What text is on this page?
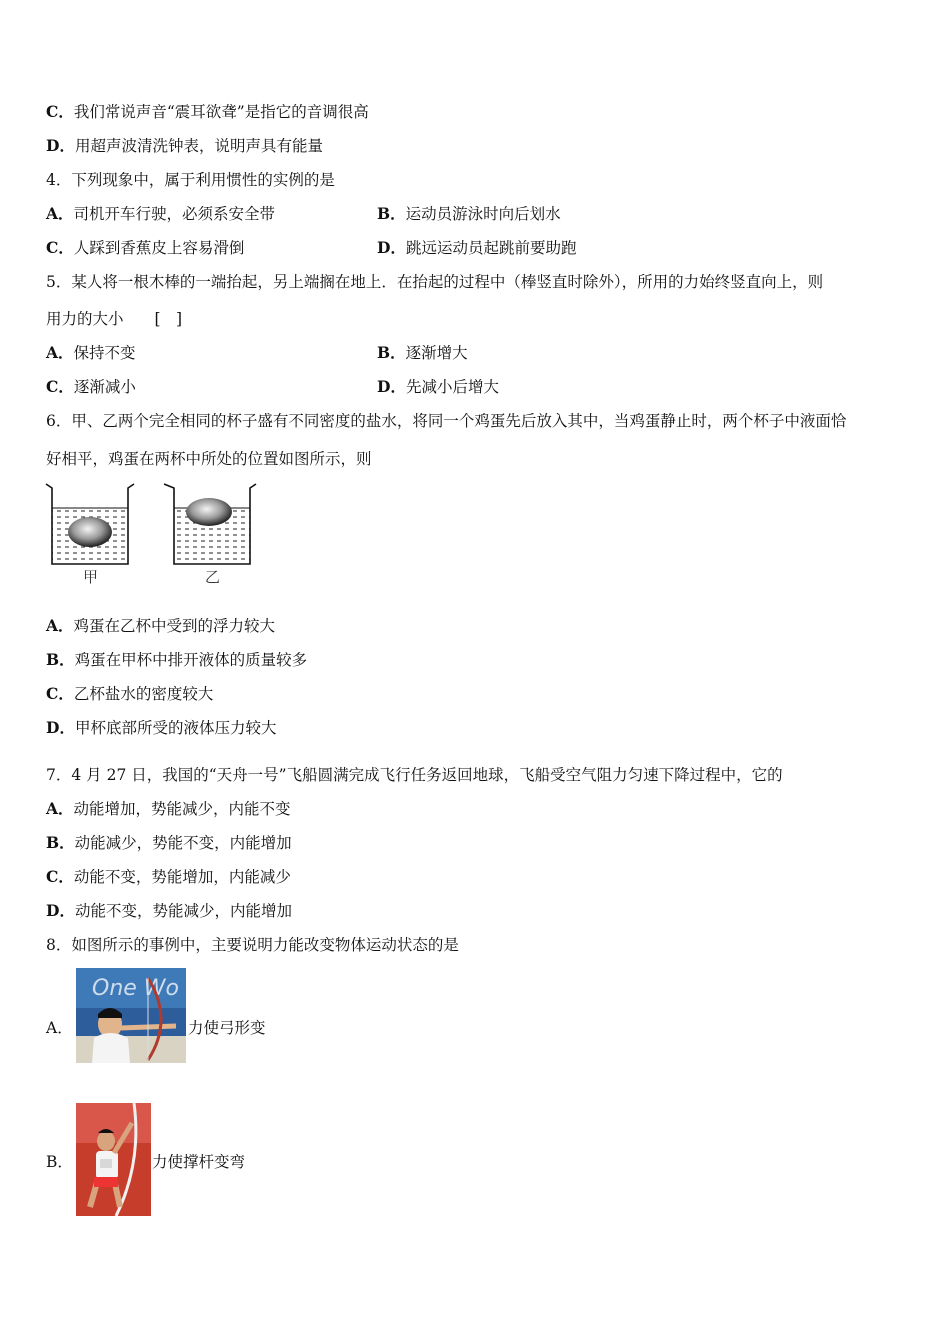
C．我们常说声音“震耳欲聋”是指它的音调很高
D．用超声波清洗钟表，说明声具有能量
4．下列现象中，属于利用惯性的实例的是
A．司机开车行驶，必须系安全带	B．运动员游泳时向后划水
C．人踩到香蕉皮上容易滑倒	D．跳远运动员起跳前要助跑
5．某人将一根木棒的一端抬起，另上端搁在地上．在抬起的过程中（棒竖直时除外），所用的力始终竖直向上，则
用力的大小　　[　]
A．保持不变	B．逐渐增大
C．逐渐减小	D．先减小后增大
6．甲、乙两个完全相同的杯子盛有不同密度的盐水，将同一个鸡蛋先后放入其中，当鸡蛋静止时，两个杯子中液面恰
好相平，鸡蛋在两杯中所处的位置如图所示，则
甲	乙
A．鸡蛋在乙杯中受到的浮力较大
B．鸡蛋在甲杯中排开液体的质量较多
C．乙杯盐水的密度较大
D．甲杯底部所受的液体压力较大
7．4 月 27 日，我国的“天舟一号”飞船圆满完成飞行任务返回地球，飞船受空气阻力匀速下降过程中，它的
A．动能增加，势能减少，内能不变
B．动能减少，势能不变，内能增加
C．动能不变，势能增加，内能减少
D．动能不变，势能减少，内能增加
8．如图所示的事例中，主要说明力能改变物体运动状态的是
A．
One Wo
力使弓形变
B．	力使撑杆变弯
